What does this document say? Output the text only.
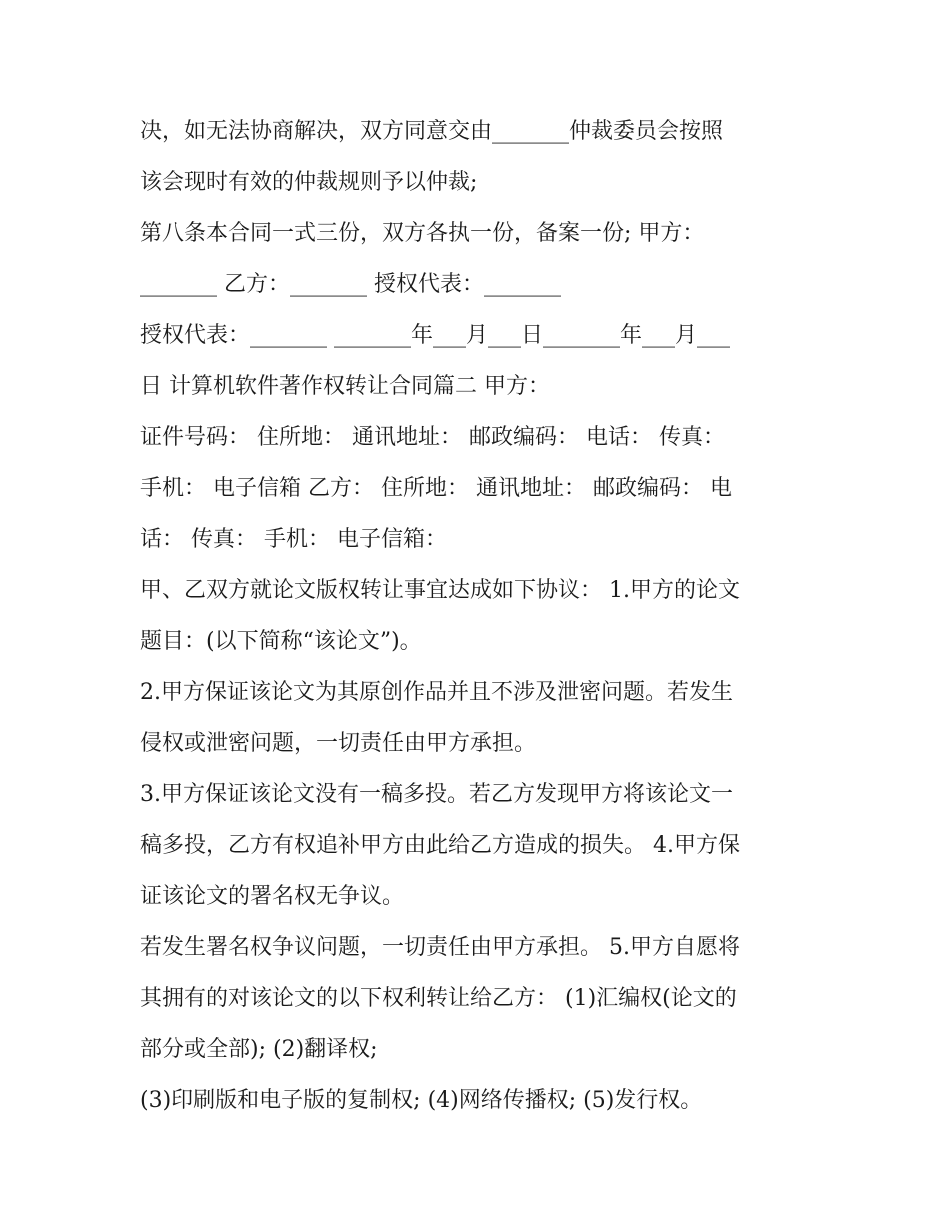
决，如无法协商解决，双方同意交由_______仲裁委员会按照
该会现时有效的仲裁规则予以仲裁;
第八条本合同一式三份，双方各执一份，备案一份; 甲方：
_______ 乙方：_______ 授权代表：_______
授权代表：_______ _______年___月___日_______年___月___
日 计算机软件著作权转让合同篇二 甲方：
证件号码： 住所地： 通讯地址： 邮政编码： 电话： 传真：
手机： 电子信箱 乙方： 住所地： 通讯地址： 邮政编码： 电
话： 传真： 手机： 电子信箱：
甲、乙双方就论文版权转让事宜达成如下协议： 1.甲方的论文
题目：(以下简称“该论文”)。
2.甲方保证该论文为其原创作品并且不涉及泄密问题。若发生
侵权或泄密问题，一切责任由甲方承担。
3.甲方保证该论文没有一稿多投。若乙方发现甲方将该论文一
稿多投，乙方有权追补甲方由此给乙方造成的损失。 4.甲方保
证该论文的署名权无争议。
若发生署名权争议问题，一切责任由甲方承担。 5.甲方自愿将
其拥有的对该论文的以下权利转让给乙方： (1)汇编权(论文的
部分或全部); (2)翻译权;
(3)印刷版和电子版的复制权; (4)网络传播权; (5)发行权。
